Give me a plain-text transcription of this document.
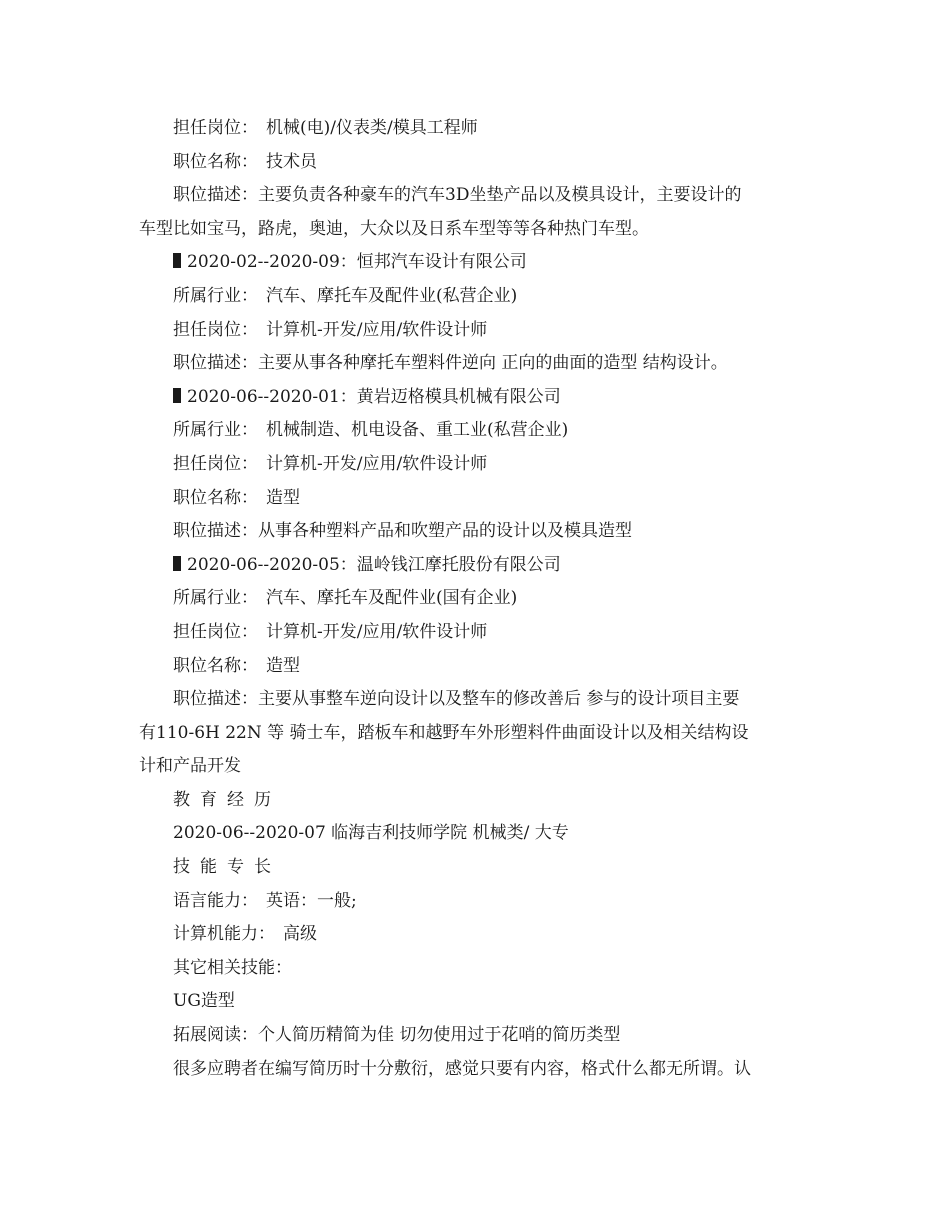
担任岗位： 机械(电)/仪表类/模具工程师
职位名称： 技术员
职位描述：主要负责各种豪车的汽车3D坐垫产品以及模具设计，主要设计的
车型比如宝马，路虎，奥迪，大众以及日系车型等等各种热门车型。
2020-02--2020-09：恒邦汽车设计有限公司
所属行业： 汽车、摩托车及配件业(私营企业)
担任岗位： 计算机-开发/应用/软件设计师
职位描述：主要从事各种摩托车塑料件逆向 正向的曲面的造型 结构设计。
2020-06--2020-01：黄岩迈格模具机械有限公司
所属行业： 机械制造、机电设备、重工业(私营企业)
担任岗位： 计算机-开发/应用/软件设计师
职位名称： 造型
职位描述：从事各种塑料产品和吹塑产品的设计以及模具造型
2020-06--2020-05：温岭钱江摩托股份有限公司
所属行业： 汽车、摩托车及配件业(国有企业)
担任岗位： 计算机-开发/应用/软件设计师
职位名称： 造型
职位描述：主要从事整车逆向设计以及整车的修改善后 参与的设计项目主要
有110-6H 22N 等 骑士车，踏板车和越野车外形塑料件曲面设计以及相关结构设
计和产品开发
教育经历
2020-06--2020-07 临海吉利技师学院 机械类/ 大专
技能专长
语言能力： 英语：一般;
计算机能力： 高级
其它相关技能：
UG造型
拓展阅读：个人简历精简为佳 切勿使用过于花哨的简历类型
很多应聘者在编写简历时十分敷衍，感觉只要有内容，格式什么都无所谓。认
